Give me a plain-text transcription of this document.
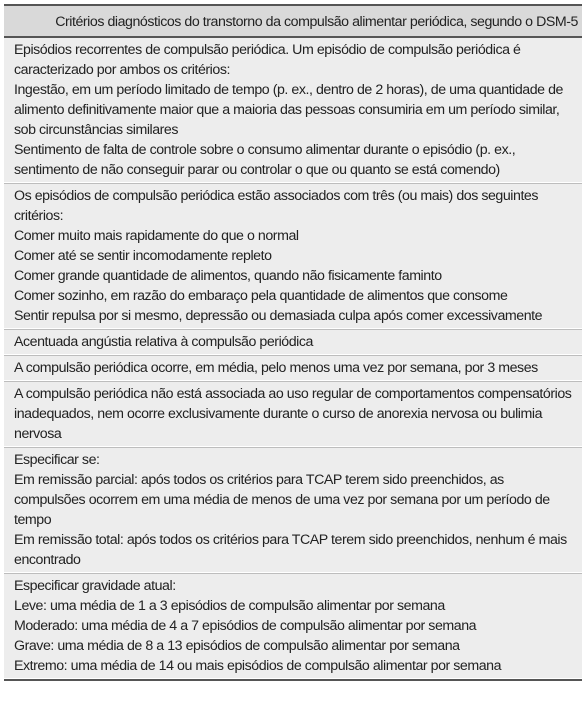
Critérios diagnósticos do transtorno da compulsão alimentar periódica, segundo o DSM-5
Episódios recorrentes de compulsão periódica. Um episódio de compulsão periódica é caracterizado por ambos os critérios:
Ingestão, em um período limitado de tempo (p. ex., dentro de 2 horas), de uma quantidade de alimento definitivamente maior que a maioria das pessoas consumiria em um período similar, sob circunstâncias similares
Sentimento de falta de controle sobre o consumo alimentar durante o episódio (p. ex., sentimento de não conseguir parar ou controlar o que ou quanto se está comendo)
Os episódios de compulsão periódica estão associados com três (ou mais) dos seguintes critérios:
Comer muito mais rapidamente do que o normal
Comer até se sentir incomodamente repleto
Comer grande quantidade de alimentos, quando não fisicamente faminto
Comer sozinho, em razão do embaraço pela quantidade de alimentos que consome
Sentir repulsa por si mesmo, depressão ou demasiada culpa após comer excessivamente
Acentuada angústia relativa à compulsão periódica
A compulsão periódica ocorre, em média, pelo menos uma vez por semana, por 3 meses
A compulsão periódica não está associada ao uso regular de comportamentos compensatórios inadequados, nem ocorre exclusivamente durante o curso de anorexia nervosa ou bulimia nervosa
Especificar se:
Em remissão parcial: após todos os critérios para TCAP terem sido preenchidos, as compulsões ocorrem em uma média de menos de uma vez por semana por um período de tempo
Em remissão total: após todos os critérios para TCAP terem sido preenchidos, nenhum é mais encontrado
Especificar gravidade atual:
Leve: uma média de 1 a 3 episódios de compulsão alimentar por semana
Moderado: uma média de 4 a 7 episódios de compulsão alimentar por semana
Grave: uma média de 8 a 13 episódios de compulsão alimentar por semana
Extremo: uma média de 14 ou mais episódios de compulsão alimentar por semana
